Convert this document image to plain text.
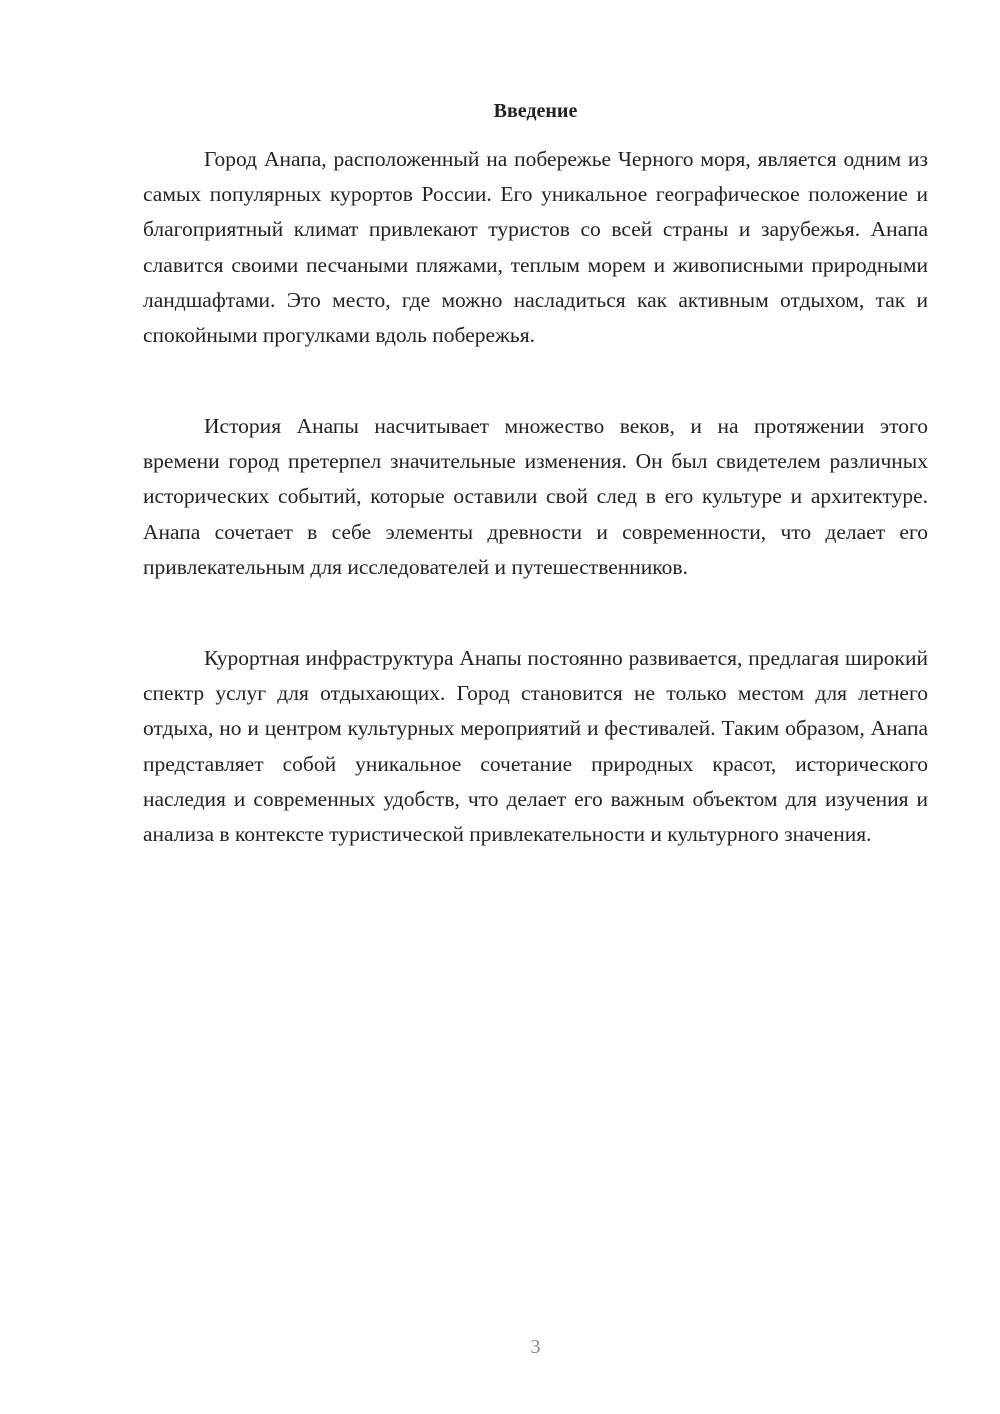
Введение

Город Анапа, расположенный на побережье Черного моря, является одним из самых популярных курортов России. Его уникальное географическое положение и благоприятный климат привлекают туристов со всей страны и зарубежья. Анапа славится своими песчаными пляжами, теплым морем и живописными природными ландшафтами. Это место, где можно насладиться как активным отдыхом, так и спокойными прогулками вдоль побережья.

История Анапы насчитывает множество веков, и на протяжении этого времени город претерпел значительные изменения. Он был свидетелем различных исторических событий, которые оставили свой след в его культуре и архитектуре. Анапа сочетает в себе элементы древности и современности, что делает его привлекательным для исследователей и путешественников.

Курортная инфраструктура Анапы постоянно развивается, предлагая широкий спектр услуг для отдыхающих. Город становится не только местом для летнего отдыха, но и центром культурных мероприятий и фестивалей. Таким образом, Анапа представляет собой уникальное сочетание природных красот, исторического наследия и современных удобств, что делает его важным объектом для изучения и анализа в контексте туристической привлекательности и культурного значения.

3
